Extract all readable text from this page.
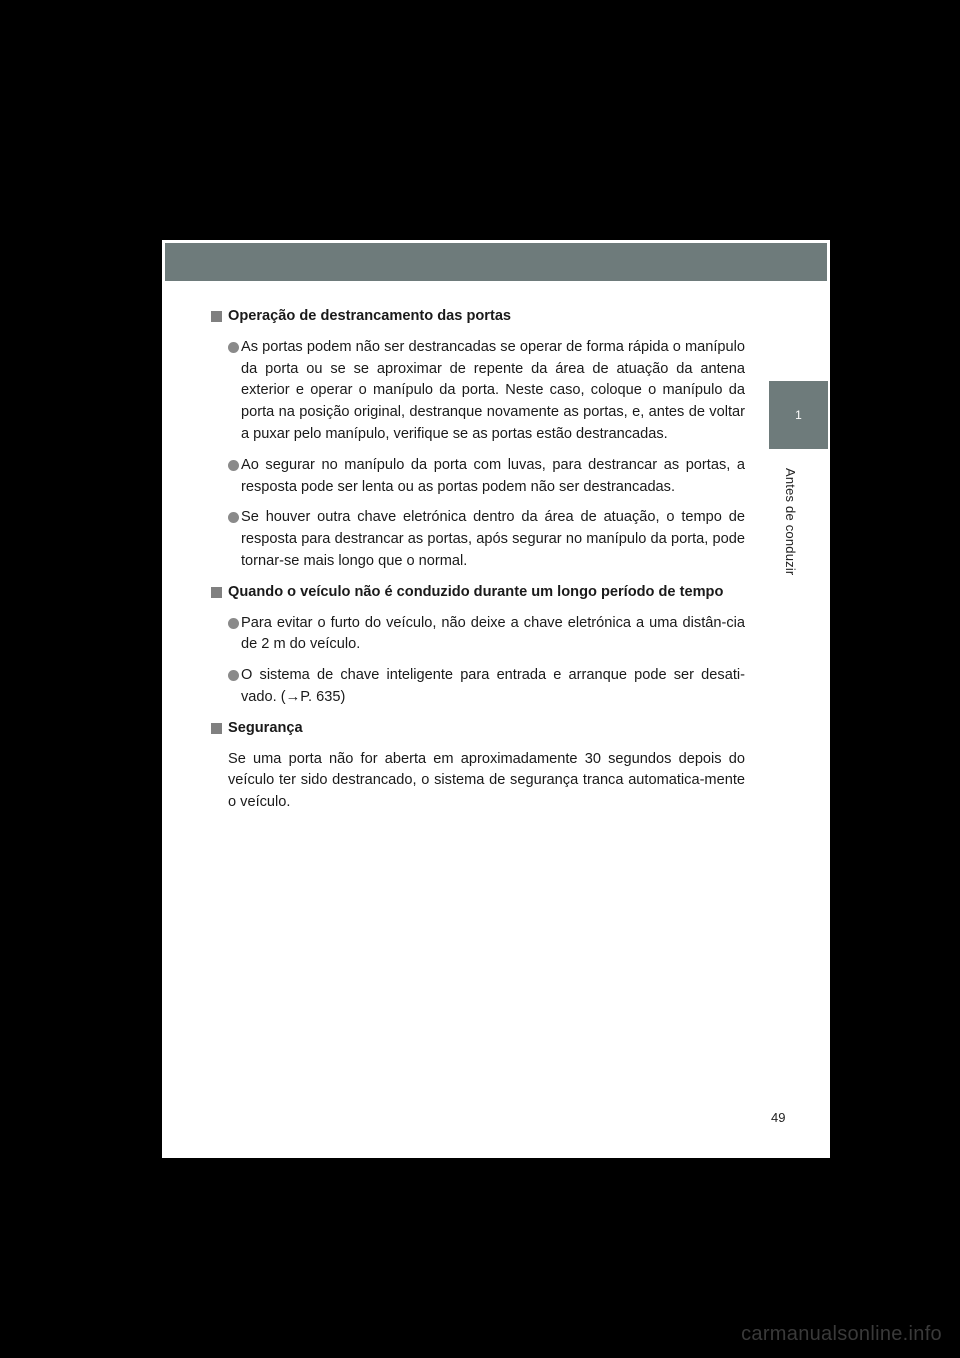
1
Antes de conduzir
Operação de destrancamento das portas
As portas podem não ser destrancadas se operar de forma rápida o manípulo da porta ou se se aproximar de repente da área de atuação da antena exterior e operar o manípulo da porta. Neste caso, coloque o manípulo da porta na posição original, destranque novamente as portas, e, antes de voltar a puxar pelo manípulo, verifique se as portas estão destrancadas.
Ao segurar no manípulo da porta com luvas, para destrancar as portas, a resposta pode ser lenta ou as portas podem não ser destrancadas.
Se houver outra chave eletrónica dentro da área de atuação, o tempo de resposta para destrancar as portas, após segurar no manípulo da porta, pode tornar-se mais longo que o normal.
Quando o veículo não é conduzido durante um longo período de tempo
Para evitar o furto do veículo, não deixe a chave eletrónica a uma distân-cia de 2 m do veículo.
O sistema de chave inteligente para entrada e arranque pode ser desati-vado. (→P. 635)
Segurança
Se uma porta não for aberta em aproximadamente 30 segundos depois do veículo ter sido destrancado, o sistema de segurança tranca automatica-mente o veículo.
49
carmanualsonline.info
